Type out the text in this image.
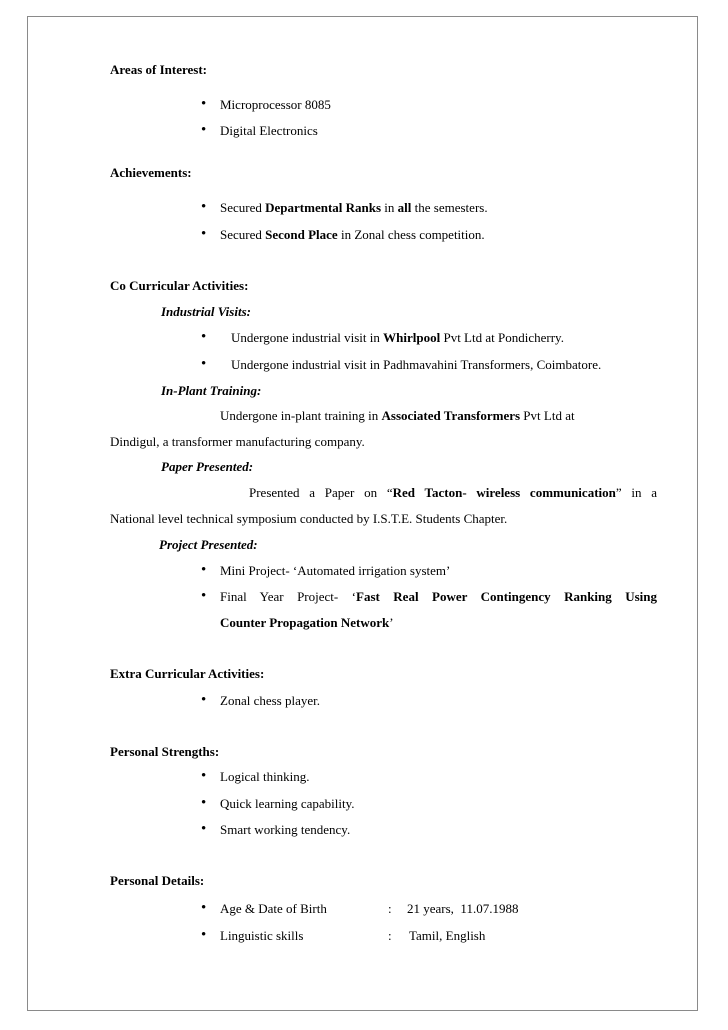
Areas of Interest:
• Microprocessor 8085
• Digital Electronics
Achievements:
• Secured Departmental Ranks in all the semesters.
• Secured Second Place in Zonal chess competition.
Co Curricular Activities:
Industrial Visits:
• Undergone industrial visit in Whirlpool Pvt Ltd at Pondicherry.
• Undergone industrial visit in Padhmavahini Transformers, Coimbatore.
In-Plant Training:
Undergone in-plant training in Associated Transformers Pvt Ltd at
Dindigul, a transformer manufacturing company.
Paper Presented:
Presented a Paper on “Red Tacton- wireless communication” in a
National level technical symposium conducted by I.S.T.E. Students Chapter.
Project Presented:
• Mini Project- ‘Automated irrigation system’
• Final Year Project- ‘Fast Real Power Contingency Ranking Using
Counter Propagation Network’
Extra Curricular Activities:
• Zonal chess player.
Personal Strengths:
• Logical thinking.
• Quick learning capability.
• Smart working tendency.
Personal Details:
• Age & Date of Birth	: 21 years,  11.07.1988
• Linguistic skills	: Tamil, English
